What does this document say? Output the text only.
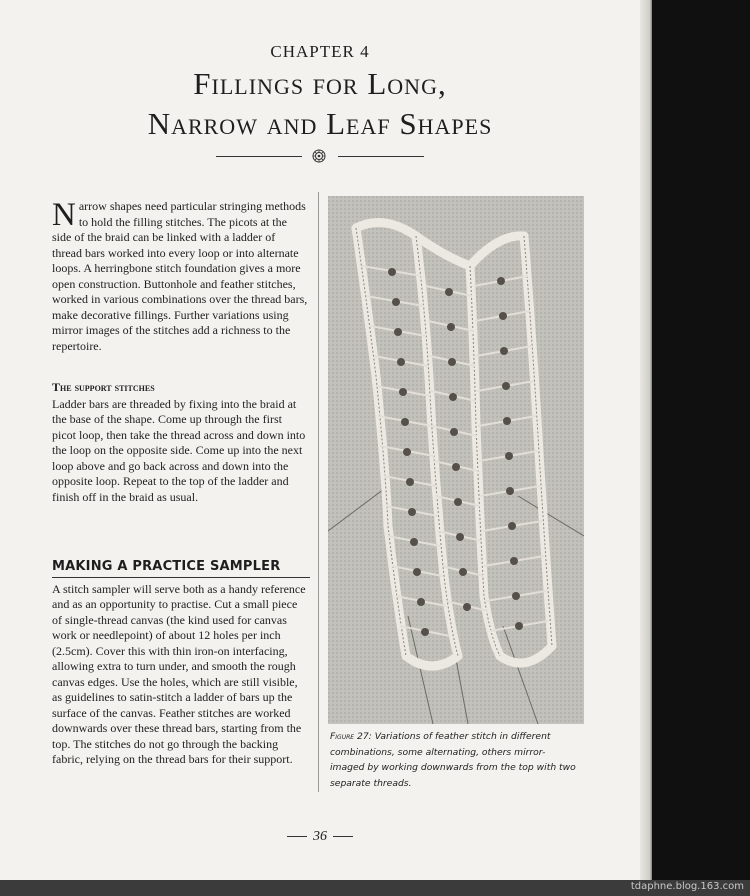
CHAPTER 4
Fillings for Long,
Narrow and Leaf Shapes

Narrow shapes need particular stringing methods to hold the filling stitches. The picots at the side of the braid can be linked with a ladder of thread bars worked into every loop or into alternate loops. A herringbone stitch foundation gives a more open construction. Buttonhole and feather stitches, worked in various combinations over the thread bars, make decorative fillings. Further variations using mirror images of the stitches add a richness to the repertoire.

The support stitches

Ladder bars are threaded by fixing into the braid at the base of the shape. Come up through the first picot loop, then take the thread across and down into the loop on the opposite side. Come up into the next loop above and go back across and down into the opposite loop. Repeat to the top of the ladder and finish off in the braid as usual.

MAKING A PRACTICE SAMPLER

A stitch sampler will serve both as a handy reference and as an opportunity to practise. Cut a small piece of single-thread canvas (the kind used for canvas work or needlepoint) of about 12 holes per inch (2.5cm). Cover this with thin iron-on interfacing, allowing extra to turn under, and smooth the rough canvas edges. Use the holes, which are still visible, as guidelines to satin-stitch a ladder of bars up the surface of the canvas. Feather stitches are worked downwards over these thread bars, starting from the top. The stitches do not go through the backing fabric, relying on the thread bars for their support.

Figure 27: Variations of feather stitch in different combinations, some alternating, others mirror-imaged by working downwards from the top with two separate threads.
36
tdaphne.blog.163.com
